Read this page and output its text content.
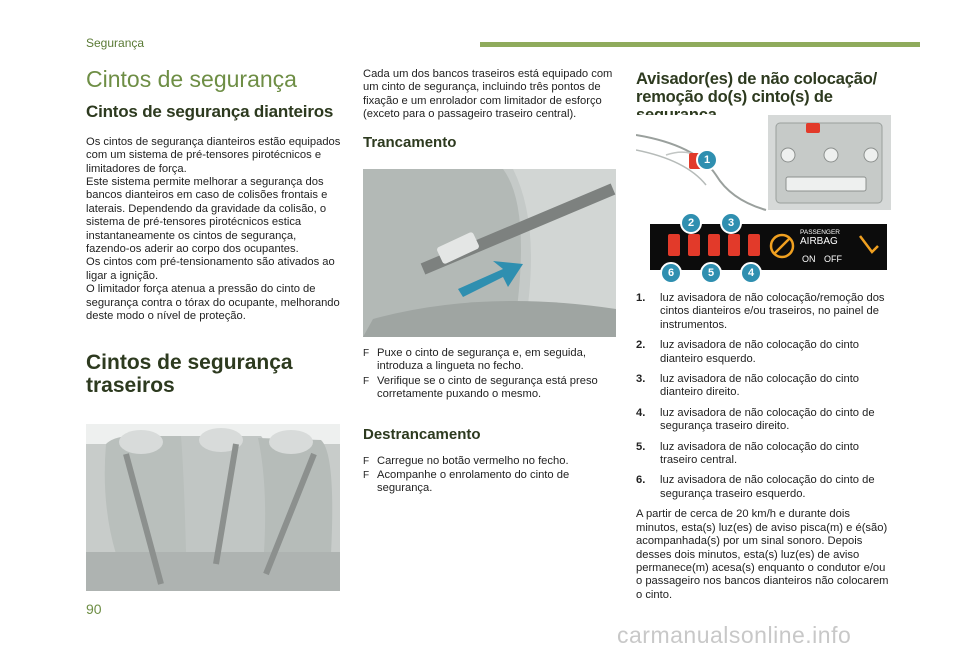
Segurança
Cintos de segurança
Cintos de segurança dianteiros

Os cintos de segurança dianteiros estão equipados com um sistema de pré-tensores pirotécnicos e limitadores de força.
Este sistema permite melhorar a segurança dos bancos dianteiros em caso de colisões frontais e laterais. Dependendo da gravidade da colisão, o sistema de pré-tensores pirotécnicos estica instantaneamente os cintos de segurança, fazendo-os aderir ao corpo dos ocupantes.
Os cintos com pré-tensionamento são ativados ao ligar a ignição.
O limitador força atenua a pressão do cinto de segurança contra o tórax do ocupante, melhorando deste modo o nível de proteção.

Cintos de segurança traseiros

Cada um dos bancos traseiros está equipado com um cinto de segurança, incluindo três pontos de fixação e um enrolador com limitador de esforço (exceto para o passageiro traseiro central).

Trancamento
F Puxe o cinto de segurança e, em seguida, introduza a lingueta no fecho.
F Verifique se o cinto de segurança está preso corretamente puxando o mesmo.
Destrancamento
F Carregue no botão vermelho no fecho.
F Acompanhe o enrolamento do cinto de segurança.
Avisador(es) de não colocação/ remoção do(s) cinto(s) de
1
PASSENGER
AIRBAG
ON OFF
2	3
4
5
6
1. luz avisadora de não colocação/remoção dos cintos dianteiros e/ou traseiros, no painel de instrumentos.
2. luz avisadora de não colocação do cinto dianteiro esquerdo.
3. luz avisadora de não colocação do cinto dianteiro direito.
4. luz avisadora de não colocação do cinto de segurança traseiro direito.
5. luz avisadora de não colocação do cinto traseiro central.
6. luz avisadora de não colocação do cinto de segurança traseiro esquerdo.

A partir de cerca de 20 km/h e durante dois minutos, esta(s) luz(es) de aviso pisca(m) e é(são) acompanhada(s) por um sinal sonoro. Depois desses dois minutos, esta(s) luz(es) de aviso permanece(m) acesa(s) enquanto o condutor e/ou o passageiro nos bancos dianteiros não colocarem o cinto.

90
carmanualsonline.info
